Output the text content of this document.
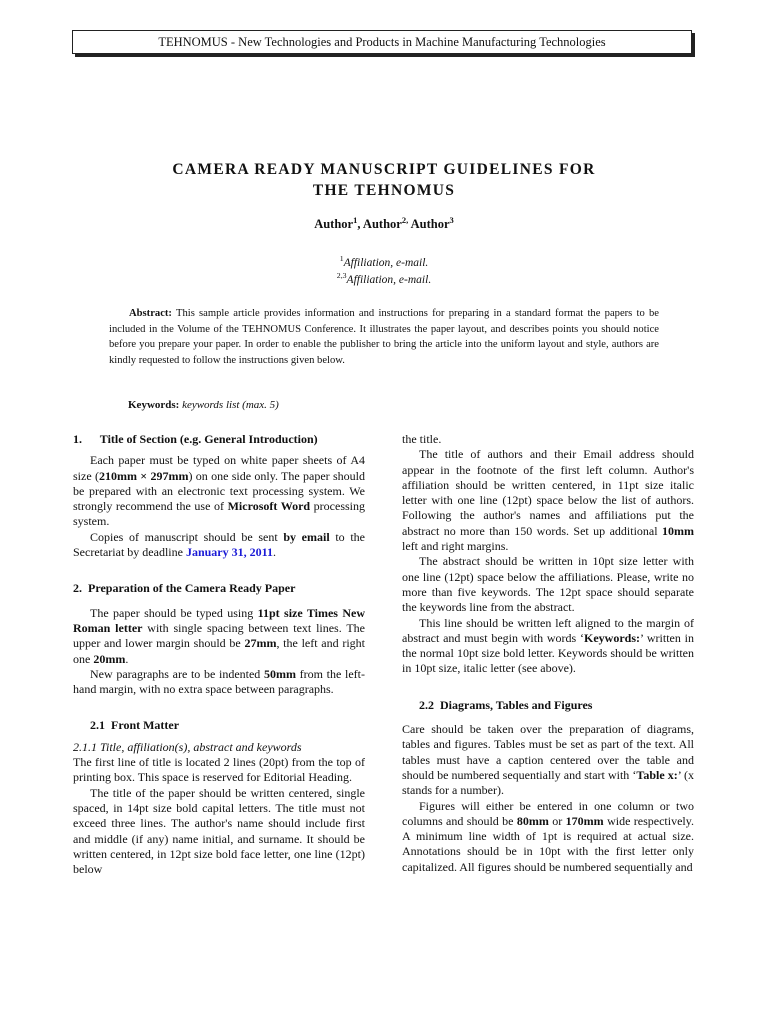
TEHNOMUS - New Technologies and Products in Machine Manufacturing Technologies
CAMERA READY MANUSCRIPT GUIDELINES FOR
THE TEHNOMUS
Author$^1$, Author$^{2,}$ Author$^3$
$^1$Affiliation, e-mail.
$^{2,3}$Affiliation, e-mail.
Abstract: This sample article provides information and instructions for preparing in a standard format the papers to be included in the Volume of the TEHNOMUS Conference. It illustrates the paper layout, and describes points you should notice before you prepare your paper. In order to enable the publisher to bring the article into the uniform layout and style, authors are kindly requested to follow the instructions given below.
Keywords: keywords list (max. 5)

1.      Title of Section (e.g. General Introduction)

Each paper must be typed on white paper sheets of A4 size (210mm × 297mm) on one side only. The paper should be prepared with an electronic text processing system. We strongly recommend the use of Microsoft Word processing system.

Copies of manuscript should be sent by email to the Secretariat by deadline January 31, 2011.

2.  Preparation of the Camera Ready Paper

The paper should be typed using 11pt size Times New Roman letter with single spacing between text lines. The upper and lower margin should be 27mm, the left and right one 20mm.

New paragraphs are to be indented 50mm from the left-hand margin, with no extra space between paragraphs.

2.1  Front Matter

2.1.1 Title, affiliation(s), abstract and keywords

The first line of title is located 2 lines (20pt) from the top of printing box. This space is reserved for Editorial Heading.

The title of the paper should be written centered, single spaced, in 14pt size bold capital letters. The title must not exceed three lines. The author's name should include first and middle (if any) name initial, and surname. It should be written centered, in 12pt size bold face letter, one line (12pt) below

the title.

The title of authors and their Email address should appear in the footnote of the first left column. Author's affiliation should be written centered, in 11pt size italic letter with one line (12pt) space below the list of authors. Following the author's names and affiliations put the abstract no more than 150 words. Set up additional 10mm left and right margins.

The abstract should be written in 10pt size letter with one line (12pt) space below the affiliations. Please, write no more than five keywords. The 12pt space should separate the keywords line from the abstract.

This line should be written left aligned to the margin of abstract and must begin with words ‘Keywords:’ written in the normal 10pt size bold letter. Keywords should be written in 10pt size, italic letter (see above).

2.2  Diagrams, Tables and Figures

Care should be taken over the preparation of diagrams, tables and figures. Tables must be set as part of the text. All tables must have a caption centered over the table and should be numbered sequentially and start with ‘Table x:’ (x stands for a number).

Figures will either be entered in one column or two columns and should be 80mm or 170mm wide respectively. A minimum line width of 1pt is required at actual size. Annotations should be in 10pt with the first letter only capitalized. All figures should be numbered sequentially and
